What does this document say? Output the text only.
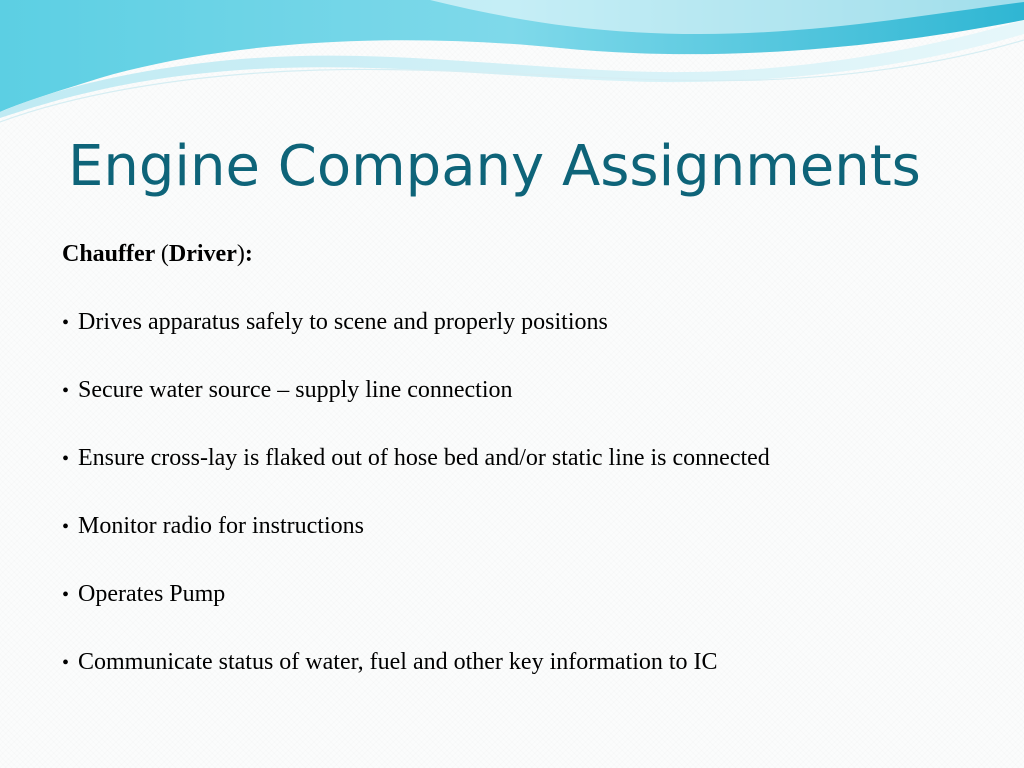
Engine Company Assignments

Chauffer (Driver):

• Drives apparatus safely to scene and properly positions
• Secure water source – supply line connection
• Ensure cross-lay is flaked out of hose bed and/or static line is connected
• Monitor radio for instructions
• Operates Pump
• Communicate status of water, fuel and other key information to IC
